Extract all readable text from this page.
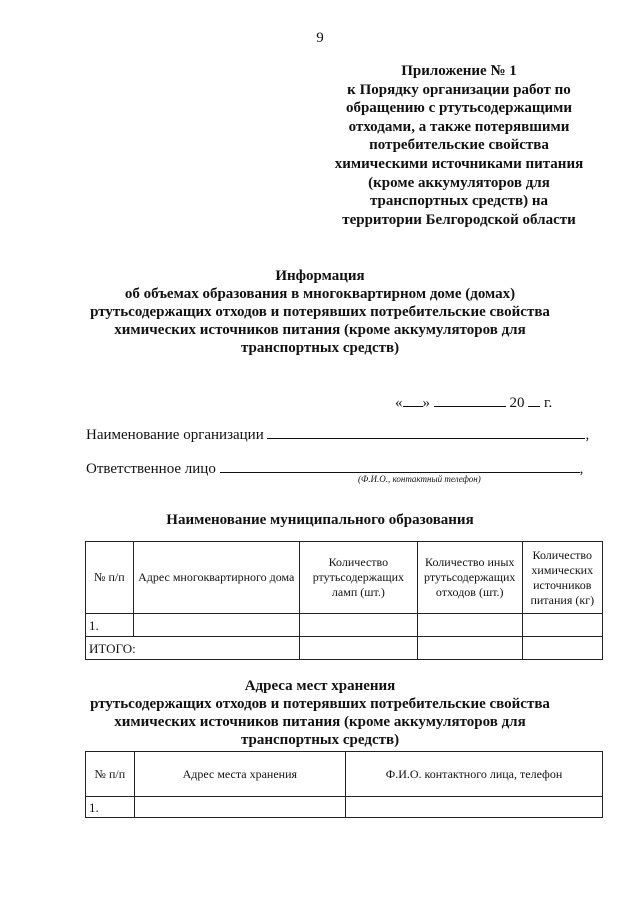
9
Приложение № 1
к Порядку организации работ по
обращению с ртутьсодержащими
отходами, а также потерявшими
потребительские свойства
химическими источниками питания
(кроме аккумуляторов для
транспортных средств) на
территории Белгородской области
Информация
об объемах образования в многоквартирном доме (домах)
ртутьсодержащих отходов и потерявших потребительские свойства
химических источников питания (кроме аккумуляторов для
транспортных средств)
« »	20 г.
Наименование организации	,
Ответственное лицо	,
(Ф.И.О., контактный телефон)
Наименование муниципального образования
№ п/п	Адрес многоквартирного дома	Количество ртутьсодержащих ламп (шт.)	Количество иных ртутьсодержащих отходов (шт.)	Количество химических источников питания (кг)
1.				
ИТОГО:				
Адреса мест хранения
ртутьсодержащих отходов и потерявших потребительские свойства
химических источников питания (кроме аккумуляторов для
транспортных средств)
№ п/п	Адрес места хранения	Ф.И.О. контактного лица, телефон
1.		
